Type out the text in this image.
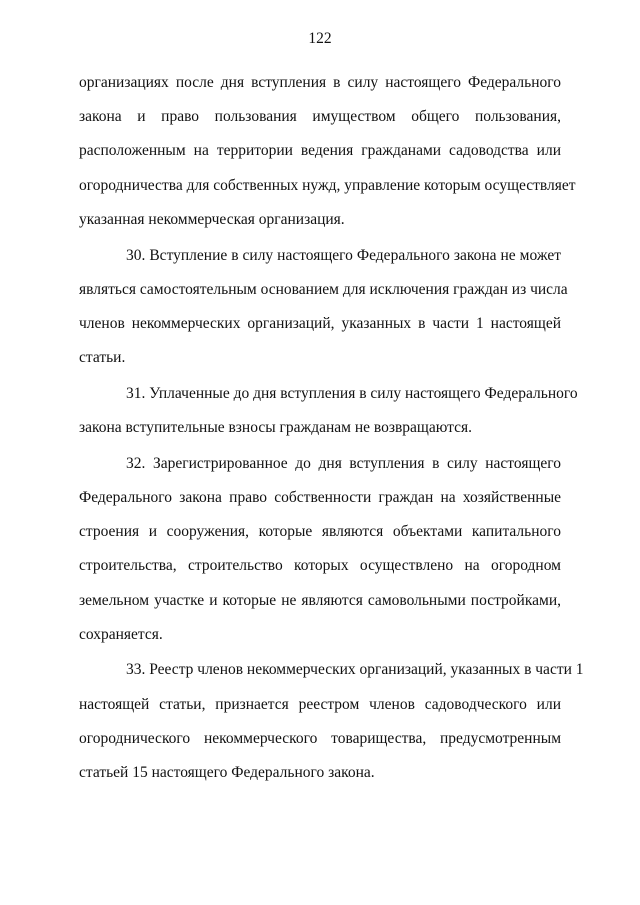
122
организациях после дня вступления в силу настоящего Федерального
закона и право пользования имуществом общего пользования,
расположенным на территории ведения гражданами садоводства или
огородничества для собственных нужд, управление которым осуществляет
указанная некоммерческая организация.
30. Вступление в силу настоящего Федерального закона не может
являться самостоятельным основанием для исключения граждан из числа
членов некоммерческих организаций, указанных в части 1 настоящей
статьи.
31. Уплаченные до дня вступления в силу настоящего Федерального
закона вступительные взносы гражданам не возвращаются.
32. Зарегистрированное до дня вступления в силу настоящего
Федерального закона право собственности граждан на хозяйственные
строения и сооружения, которые являются объектами капитального
строительства, строительство которых осуществлено на огородном
земельном участке и которые не являются самовольными постройками,
сохраняется.
33. Реестр членов некоммерческих организаций, указанных в части 1
настоящей статьи, признается реестром членов садоводческого или
огороднического некоммерческого товарищества, предусмотренным
статьей 15 настоящего Федерального закона.
